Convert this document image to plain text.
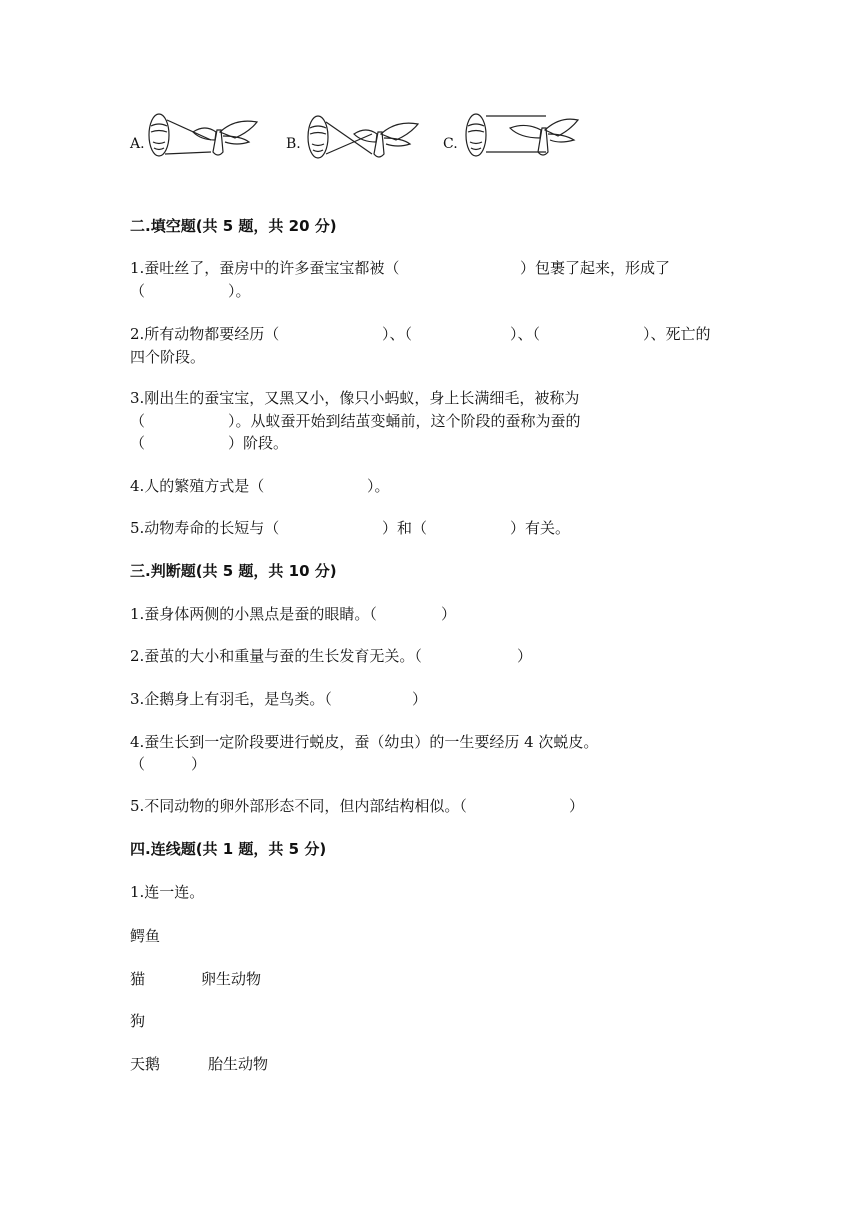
A.	B.	C.
二.填空题(共 5 题，共 20 分)
1.蚕吐丝了，蚕房中的许多蚕宝宝都被（	）包裹了起来，形成了
（	）。
2.所有动物都要经历（	）、（	）、（	）、死亡的
四个阶段。
3.刚出生的蚕宝宝，又黑又小，像只小蚂蚁，身上长满细毛，被称为
（	）。从蚁蚕开始到结茧变蛹前，这个阶段的蚕称为蚕的
（	）阶段。
4.人的繁殖方式是（	）。
5.动物寿命的长短与（	）和（	）有关。
三.判断题(共 5 题，共 10 分)
1.蚕身体两侧的小黑点是蚕的眼睛。（	）
2.蚕茧的大小和重量与蚕的生长发育无关。（	）
3.企鹅身上有羽毛，是鸟类。（	）
4.蚕生长到一定阶段要进行蜕皮，蚕（幼虫）的一生要经历 4 次蜕皮。
（	）
5.不同动物的卵外部形态不同，但内部结构相似。（	）
四.连线题(共 1 题，共 5 分)
1.连一连。
鳄鱼
猫	卵生动物
狗
天鹅	胎生动物
